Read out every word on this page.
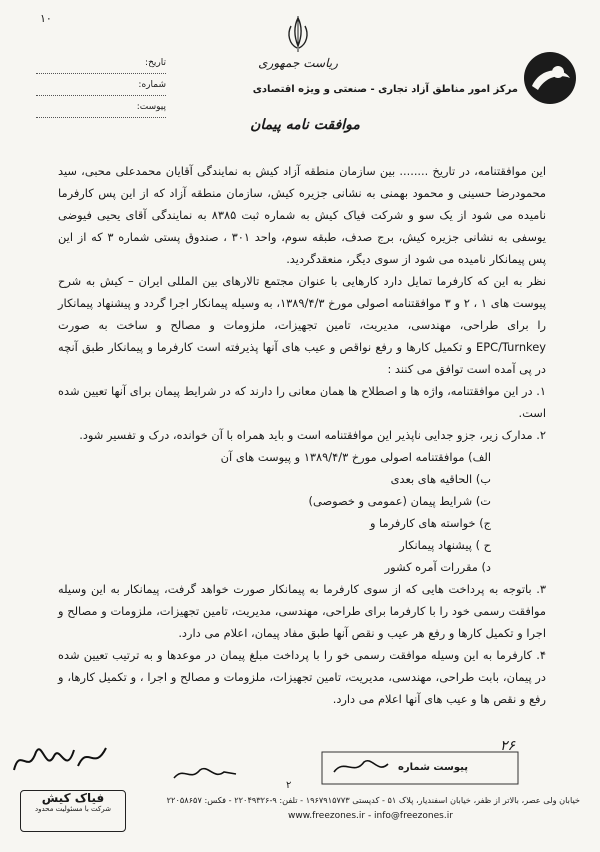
۱۰
تاریخ:
شماره:
پیوست:
ریاست جمهوری
مرکز امور مناطق آزاد تجاری - صنعتی و ویژه اقتصادی
موافقت نامه پیمان

این موافقتنامه، در تاریخ ........ بین سازمان منطقه آزاد کیش به نمایندگی آقایان محمدعلی محبی، سید محمودرضا حسینی و محمود بهمنی به نشانی جزیره کیش، سازمان منطقه آزاد که از این پس کارفرما نامیده می شود از یک سو و شرکت فیاک کیش به شماره ثبت ۸۳۸۵ به نمایندگی آقای یحیی فیوضی یوسفی به نشانی جزیره کیش، برج صدف، طبقه سوم، واحد ۳۰۱ ، صندوق پستی شماره ۳ که از این پس پیمانکار نامیده می شود از سوی دیگر، منعقدگردید.

نظر به این که کارفرما تمایل دارد کارهایی با عنوان مجتمع تالارهای بین المللی ایران – کیش به شرح پیوست های ۱ ، ۲ و ۳ موافقتنامه اصولی مورخ ۱۳۸۹/۴/۳، به وسیله پیمانکار اجرا گردد و پیشنهاد پیمانکار را برای طراحی، مهندسی، مدیریت، تامین تجهیزات، ملزومات و مصالح و ساخت به صورت EPC/Turnkey و تکمیل کارها و رفع نواقص و عیب های آنها پذیرفته است کارفرما و پیمانکار طبق آنچه در پی آمده است توافق می کنند :

۱. در این موافقتنامه، واژه ها و اصطلاح ها همان معانی را دارند که در شرایط پیمان برای آنها تعیین شده است.
۲. مدارک زیر، جزو جدایی ناپذیر این موافقتنامه است و باید همراه با آن خوانده، درک و تفسیر شود.
الف) موافقتنامه اصولی مورخ ۱۳۸۹/۴/۳ و پیوست های آن
ب) الحاقیه های بعدی
ت) شرایط پیمان (عمومی و خصوصی)
ج) خواسته های کارفرما و
ح ) پیشنهاد پیمانکار
د) مقررات آمره کشور
۳. باتوجه به پرداخت هایی که از سوی کارفرما به پیمانکار صورت خواهد گرفت، پیمانکار به این وسیله موافقت رسمی خود را با کارفرما برای طراحی، مهندسی، مدیریت، تامین تجهیزات، ملزومات و مصالح و اجرا و تکمیل کارها و رفع هر عیب و نقص آنها طبق مفاد پیمان، اعلام می دارد.
۴. کارفرما به این وسیله موافقت رسمی خو را با پرداخت مبلغ پیمان در موعدها و به ترتیب تعیین شده در پیمان، بابت طراحی، مهندسی، مدیریت، تامین تجهیزات، ملزومات و مصالح و اجرا ، و تکمیل کارها، و رفع و نقص ها و عیب های آنها اعلام می دارد.
پیوست شماره
۲۶
۲
خیابان ولی عصر، بالاتر از ظفر، خیابان اسفندیار، پلاک ۵۱ - کدپستی ۱۹۶۷۹۱۵۷۷۳ - تلفن: ۹-۲۲۰۴۹۳۲۶ - فکس: ۲۲۰۵۸۶۵۷
www.freezones.ir - info@freezones.ir
فیاک کیش
شرکت با مسئولیت محدود
